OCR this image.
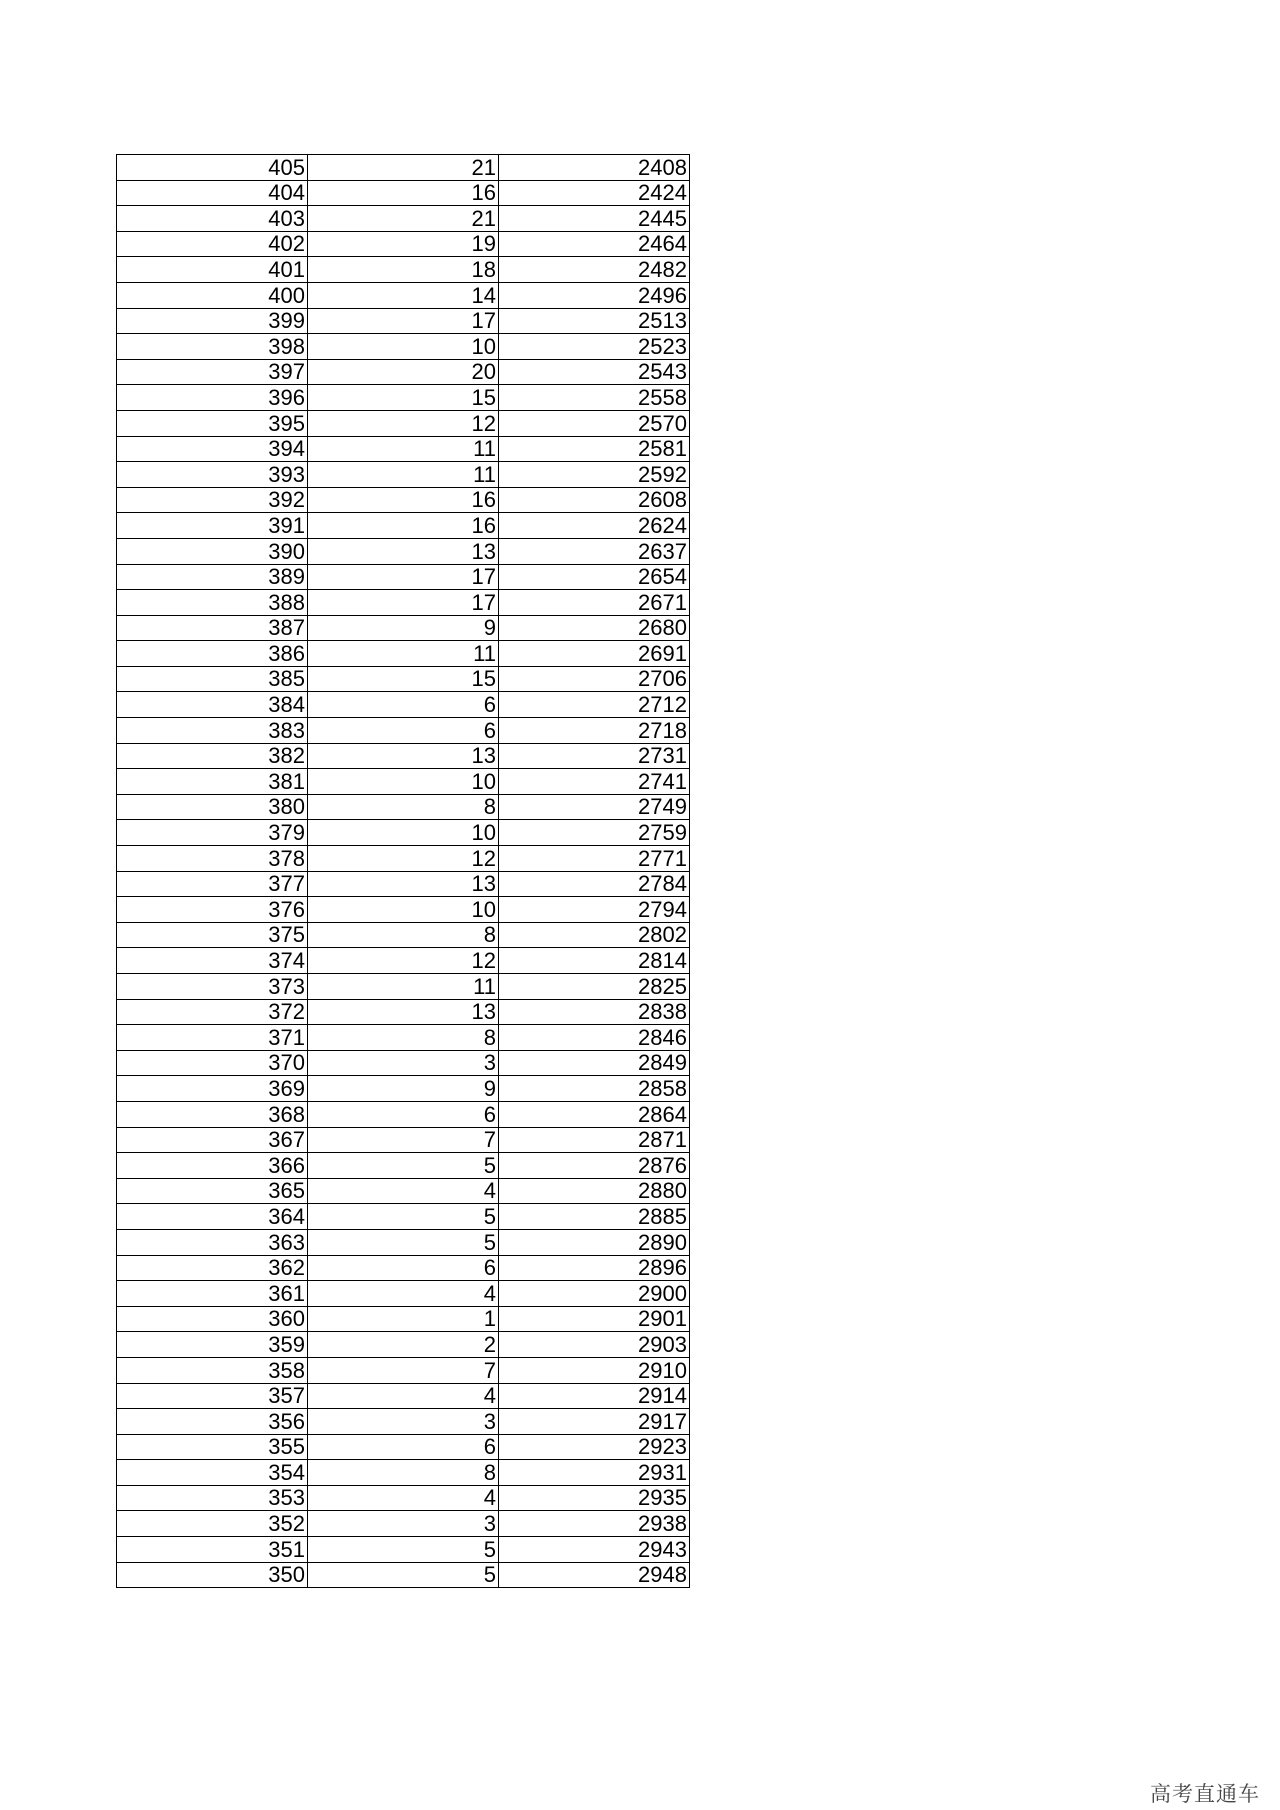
405	21	2408
404	16	2424
403	21	2445
402	19	2464
401	18	2482
400	14	2496
399	17	2513
398	10	2523
397	20	2543
396	15	2558
395	12	2570
394	11	2581
393	11	2592
392	16	2608
391	16	2624
390	13	2637
389	17	2654
388	17	2671
387	9	2680
386	11	2691
385	15	2706
384	6	2712
383	6	2718
382	13	2731
381	10	2741
380	8	2749
379	10	2759
378	12	2771
377	13	2784
376	10	2794
375	8	2802
374	12	2814
373	11	2825
372	13	2838
371	8	2846
370	3	2849
369	9	2858
368	6	2864
367	7	2871
366	5	2876
365	4	2880
364	5	2885
363	5	2890
362	6	2896
361	4	2900
360	1	2901
359	2	2903
358	7	2910
357	4	2914
356	3	2917
355	6	2923
354	8	2931
353	4	2935
352	3	2938
351	5	2943
350	5	2948
高考直通车
